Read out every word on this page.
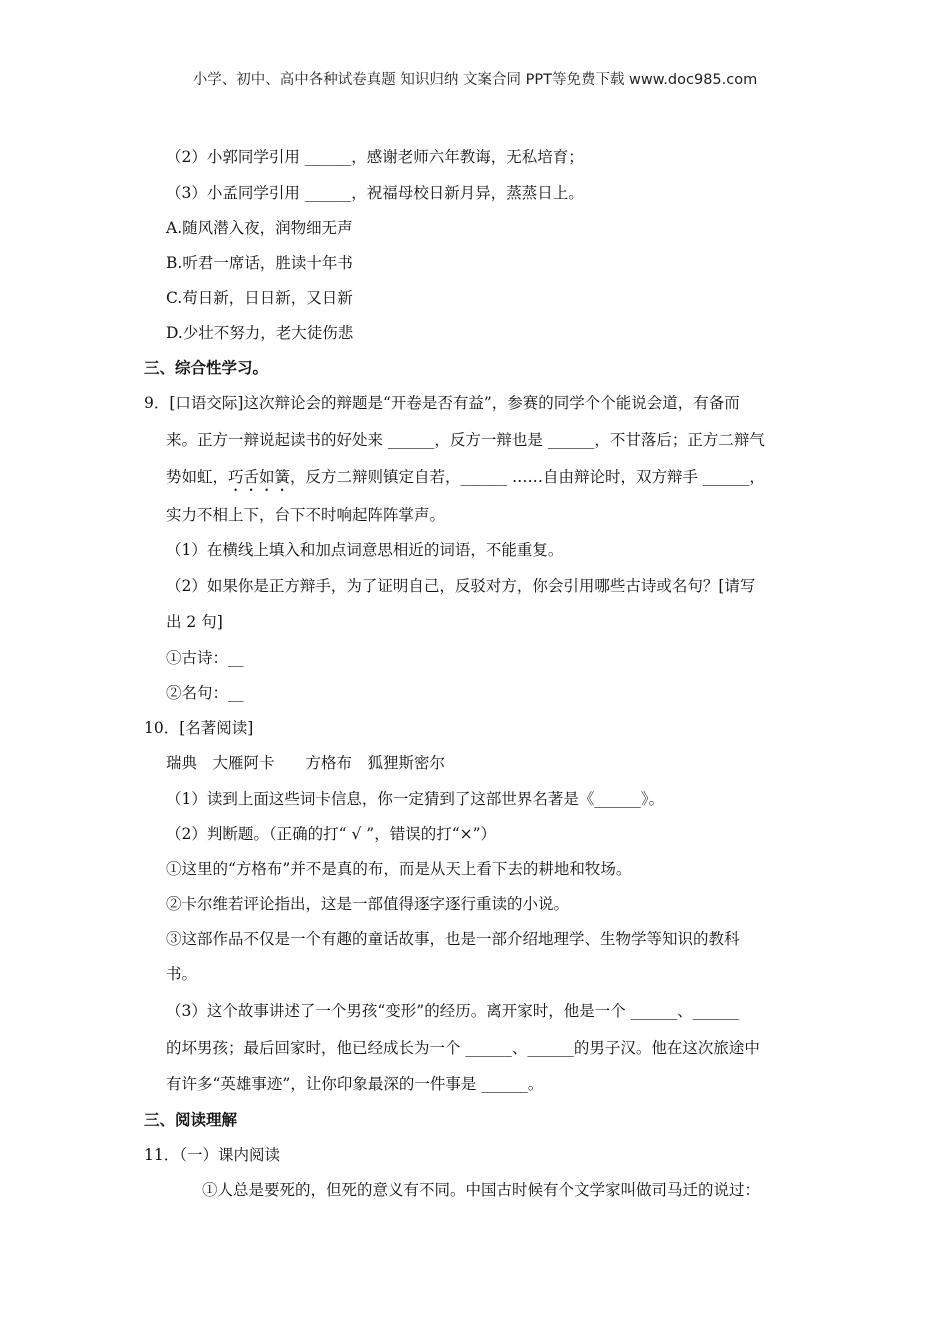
小学、初中、高中各种试卷真题 知识归纳 文案合同 PPT等免费下载 www.doc985.com
（2）小郭同学引用 ______，感谢老师六年教诲，无私培育；
（3）小孟同学引用 ______，祝福母校日新月异，蒸蒸日上。
A.随风潜入夜，润物细无声
B.听君一席话，胜读十年书
C.苟日新，日日新，又日新
D.少壮不努力，老大徒伤悲
三、综合性学习。
9．[口语交际]这次辩论会的辩题是“开卷是否有益”，参赛的同学个个能说会道，有备而
来。正方一辩说起读书的好处来 ______，反方一辩也是 ______，不甘落后；正方二辩气
势如虹，巧舌如簧，反方二辩则镇定自若，______ ……自由辩论时，双方辩手 ______，
实力不相上下，台下不时响起阵阵掌声。
（1）在横线上填入和加点词意思相近的词语，不能重复。
（2）如果你是正方辩手，为了证明自己，反驳对方，你会引用哪些古诗或名句？[请写
出 2 句]
①古诗：__
②名句：__
10．[名著阅读]
瑞典　大雁阿卡　　方格布　狐狸斯密尔
（1）读到上面这些词卡信息，你一定猜到了这部世界名著是《______》。
（2）判断题。（正确的打“ √ ”，错误的打“×”）
①这里的“方格布”并不是真的布，而是从天上看下去的耕地和牧场。
②卡尔维若评论指出，这是一部值得逐字逐行重读的小说。
③这部作品不仅是一个有趣的童话故事，也是一部介绍地理学、生物学等知识的教科
书。
（3）这个故事讲述了一个男孩“变形”的经历。离开家时，他是一个 ______、______
的坏男孩；最后回家时，他已经成长为一个 ______、______的男子汉。他在这次旅途中
有许多“英雄事迹”，让你印象最深的一件事是 ______。
三、阅读理解
11．（一）课内阅读
①人总是要死的，但死的意义有不同。中国古时候有个文学家叫做司马迁的说过：
